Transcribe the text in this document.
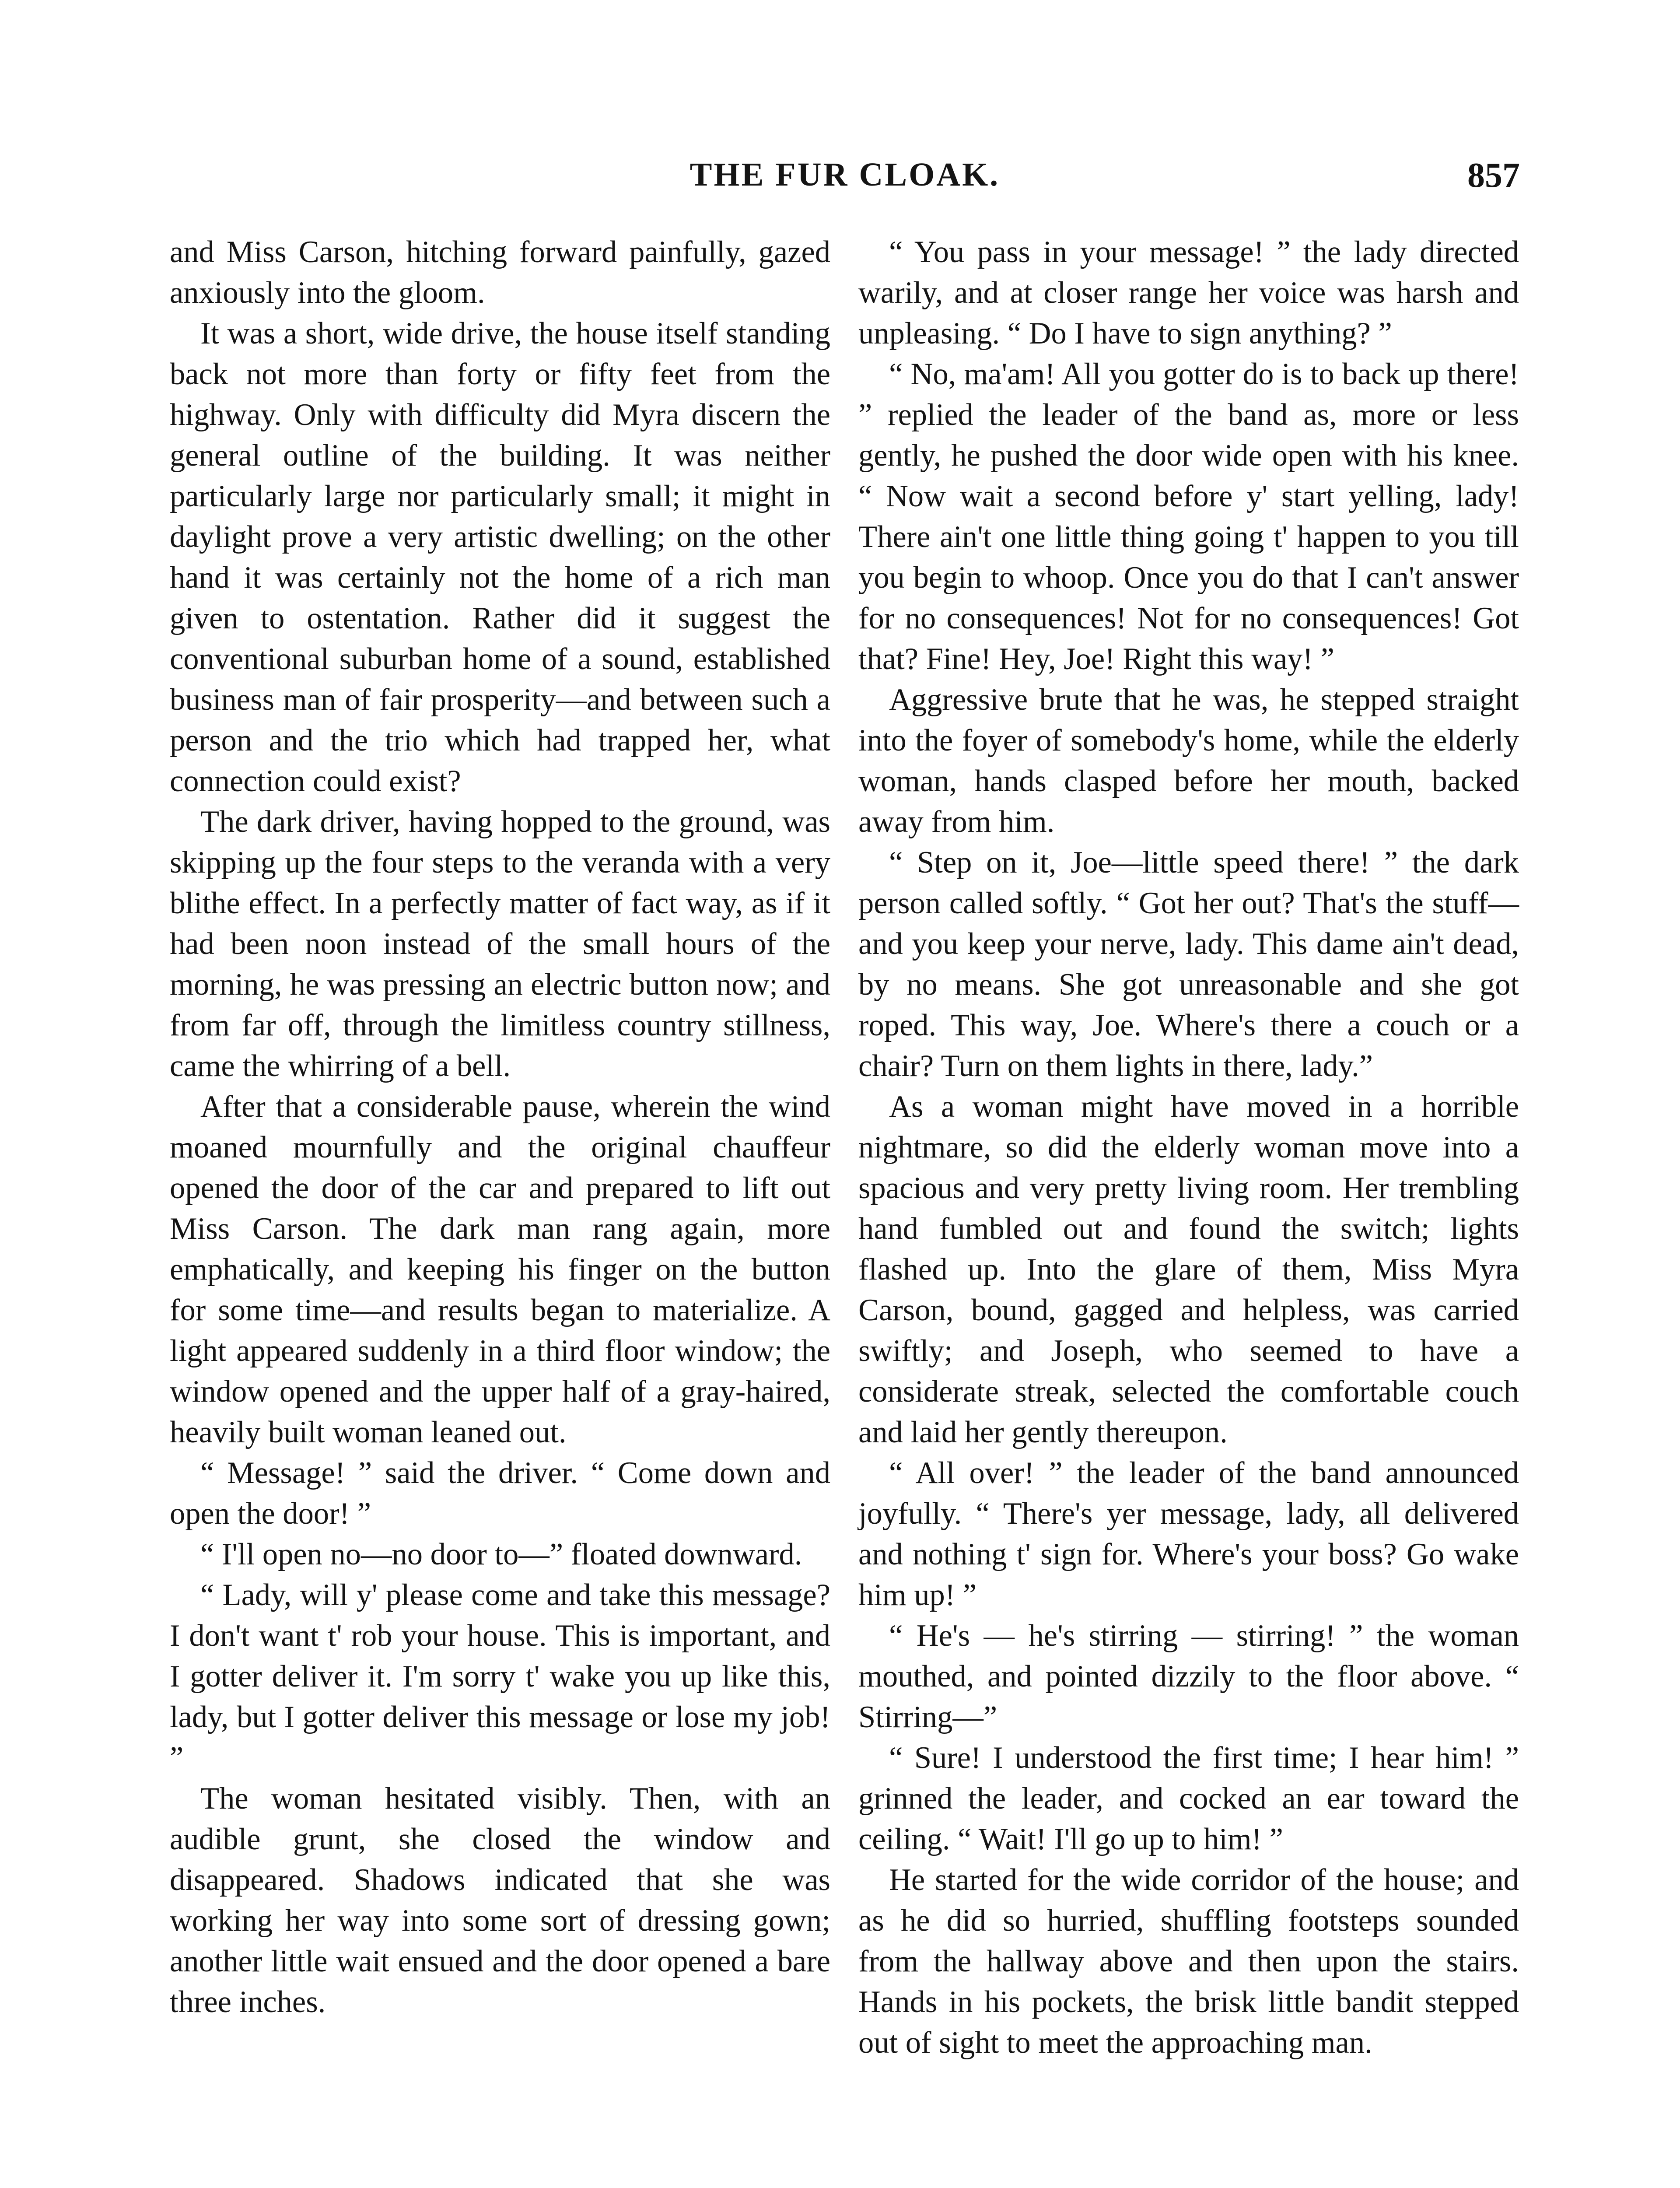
THE FUR CLOAK.	857

and Miss Carson, hitching forward painfully, gazed anxiously into the gloom.

It was a short, wide drive, the house itself standing back not more than forty or fifty feet from the highway. Only with difficulty did Myra discern the general outline of the building. It was neither particularly large nor particularly small; it might in daylight prove a very artistic dwelling; on the other hand it was certainly not the home of a rich man given to ostentation. Rather did it suggest the conventional suburban home of a sound, established business man of fair prosperity—and between such a person and the trio which had trapped her, what connection could exist?

The dark driver, having hopped to the ground, was skipping up the four steps to the veranda with a very blithe effect. In a perfectly matter of fact way, as if it had been noon instead of the small hours of the morning, he was pressing an electric button now; and from far off, through the limitless country stillness, came the whirring of a bell.

After that a considerable pause, wherein the wind moaned mournfully and the original chauffeur opened the door of the car and prepared to lift out Miss Carson. The dark man rang again, more emphatically, and keeping his finger on the button for some time—and results began to materialize. A light appeared suddenly in a third floor window; the window opened and the upper half of a gray-haired, heavily built woman leaned out.

“ Message! ” said the driver. “ Come down and open the door! ”

“ I'll open no—no door to—” floated downward.

“ Lady, will y' please come and take this message? I don't want t' rob your house. This is important, and I gotter deliver it. I'm sorry t' wake you up like this, lady, but I gotter deliver this message or lose my job! ”

The woman hesitated visibly. Then, with an audible grunt, she closed the window and disappeared. Shadows indicated that she was working her way into some sort of dressing gown; another little wait ensued and the door opened a bare three inches.

“ You pass in your message! ” the lady directed warily, and at closer range her voice was harsh and unpleasing. “ Do I have to sign anything? ”

“ No, ma'am! All you gotter do is to back up there! ” replied the leader of the band as, more or less gently, he pushed the door wide open with his knee. “ Now wait a second before y' start yelling, lady! There ain't one little thing going t' happen to you till you begin to whoop. Once you do that I can't answer for no consequences! Not for no consequences! Got that? Fine! Hey, Joe! Right this way! ”

Aggressive brute that he was, he stepped straight into the foyer of somebody's home, while the elderly woman, hands clasped before her mouth, backed away from him.

“ Step on it, Joe—little speed there! ” the dark person called softly. “ Got her out? That's the stuff—and you keep your nerve, lady. This dame ain't dead, by no means. She got unreasonable and she got roped. This way, Joe. Where's there a couch or a chair? Turn on them lights in there, lady.”

As a woman might have moved in a horrible nightmare, so did the elderly woman move into a spacious and very pretty living room. Her trembling hand fumbled out and found the switch; lights flashed up. Into the glare of them, Miss Myra Carson, bound, gagged and helpless, was carried swiftly; and Joseph, who seemed to have a considerate streak, selected the comfortable couch and laid her gently thereupon.

“ All over! ” the leader of the band announced joyfully. “ There's yer message, lady, all delivered and nothing t' sign for. Where's your boss? Go wake him up! ”

“ He's — he's stirring — stirring! ” the woman mouthed, and pointed dizzily to the floor above. “ Stirring—”

“ Sure! I understood the first time; I hear him! ” grinned the leader, and cocked an ear toward the ceiling. “ Wait! I'll go up to him! ”

He started for the wide corridor of the house; and as he did so hurried, shuffling footsteps sounded from the hallway above and then upon the stairs. Hands in his pockets, the brisk little bandit stepped out of sight to meet the approaching man.
